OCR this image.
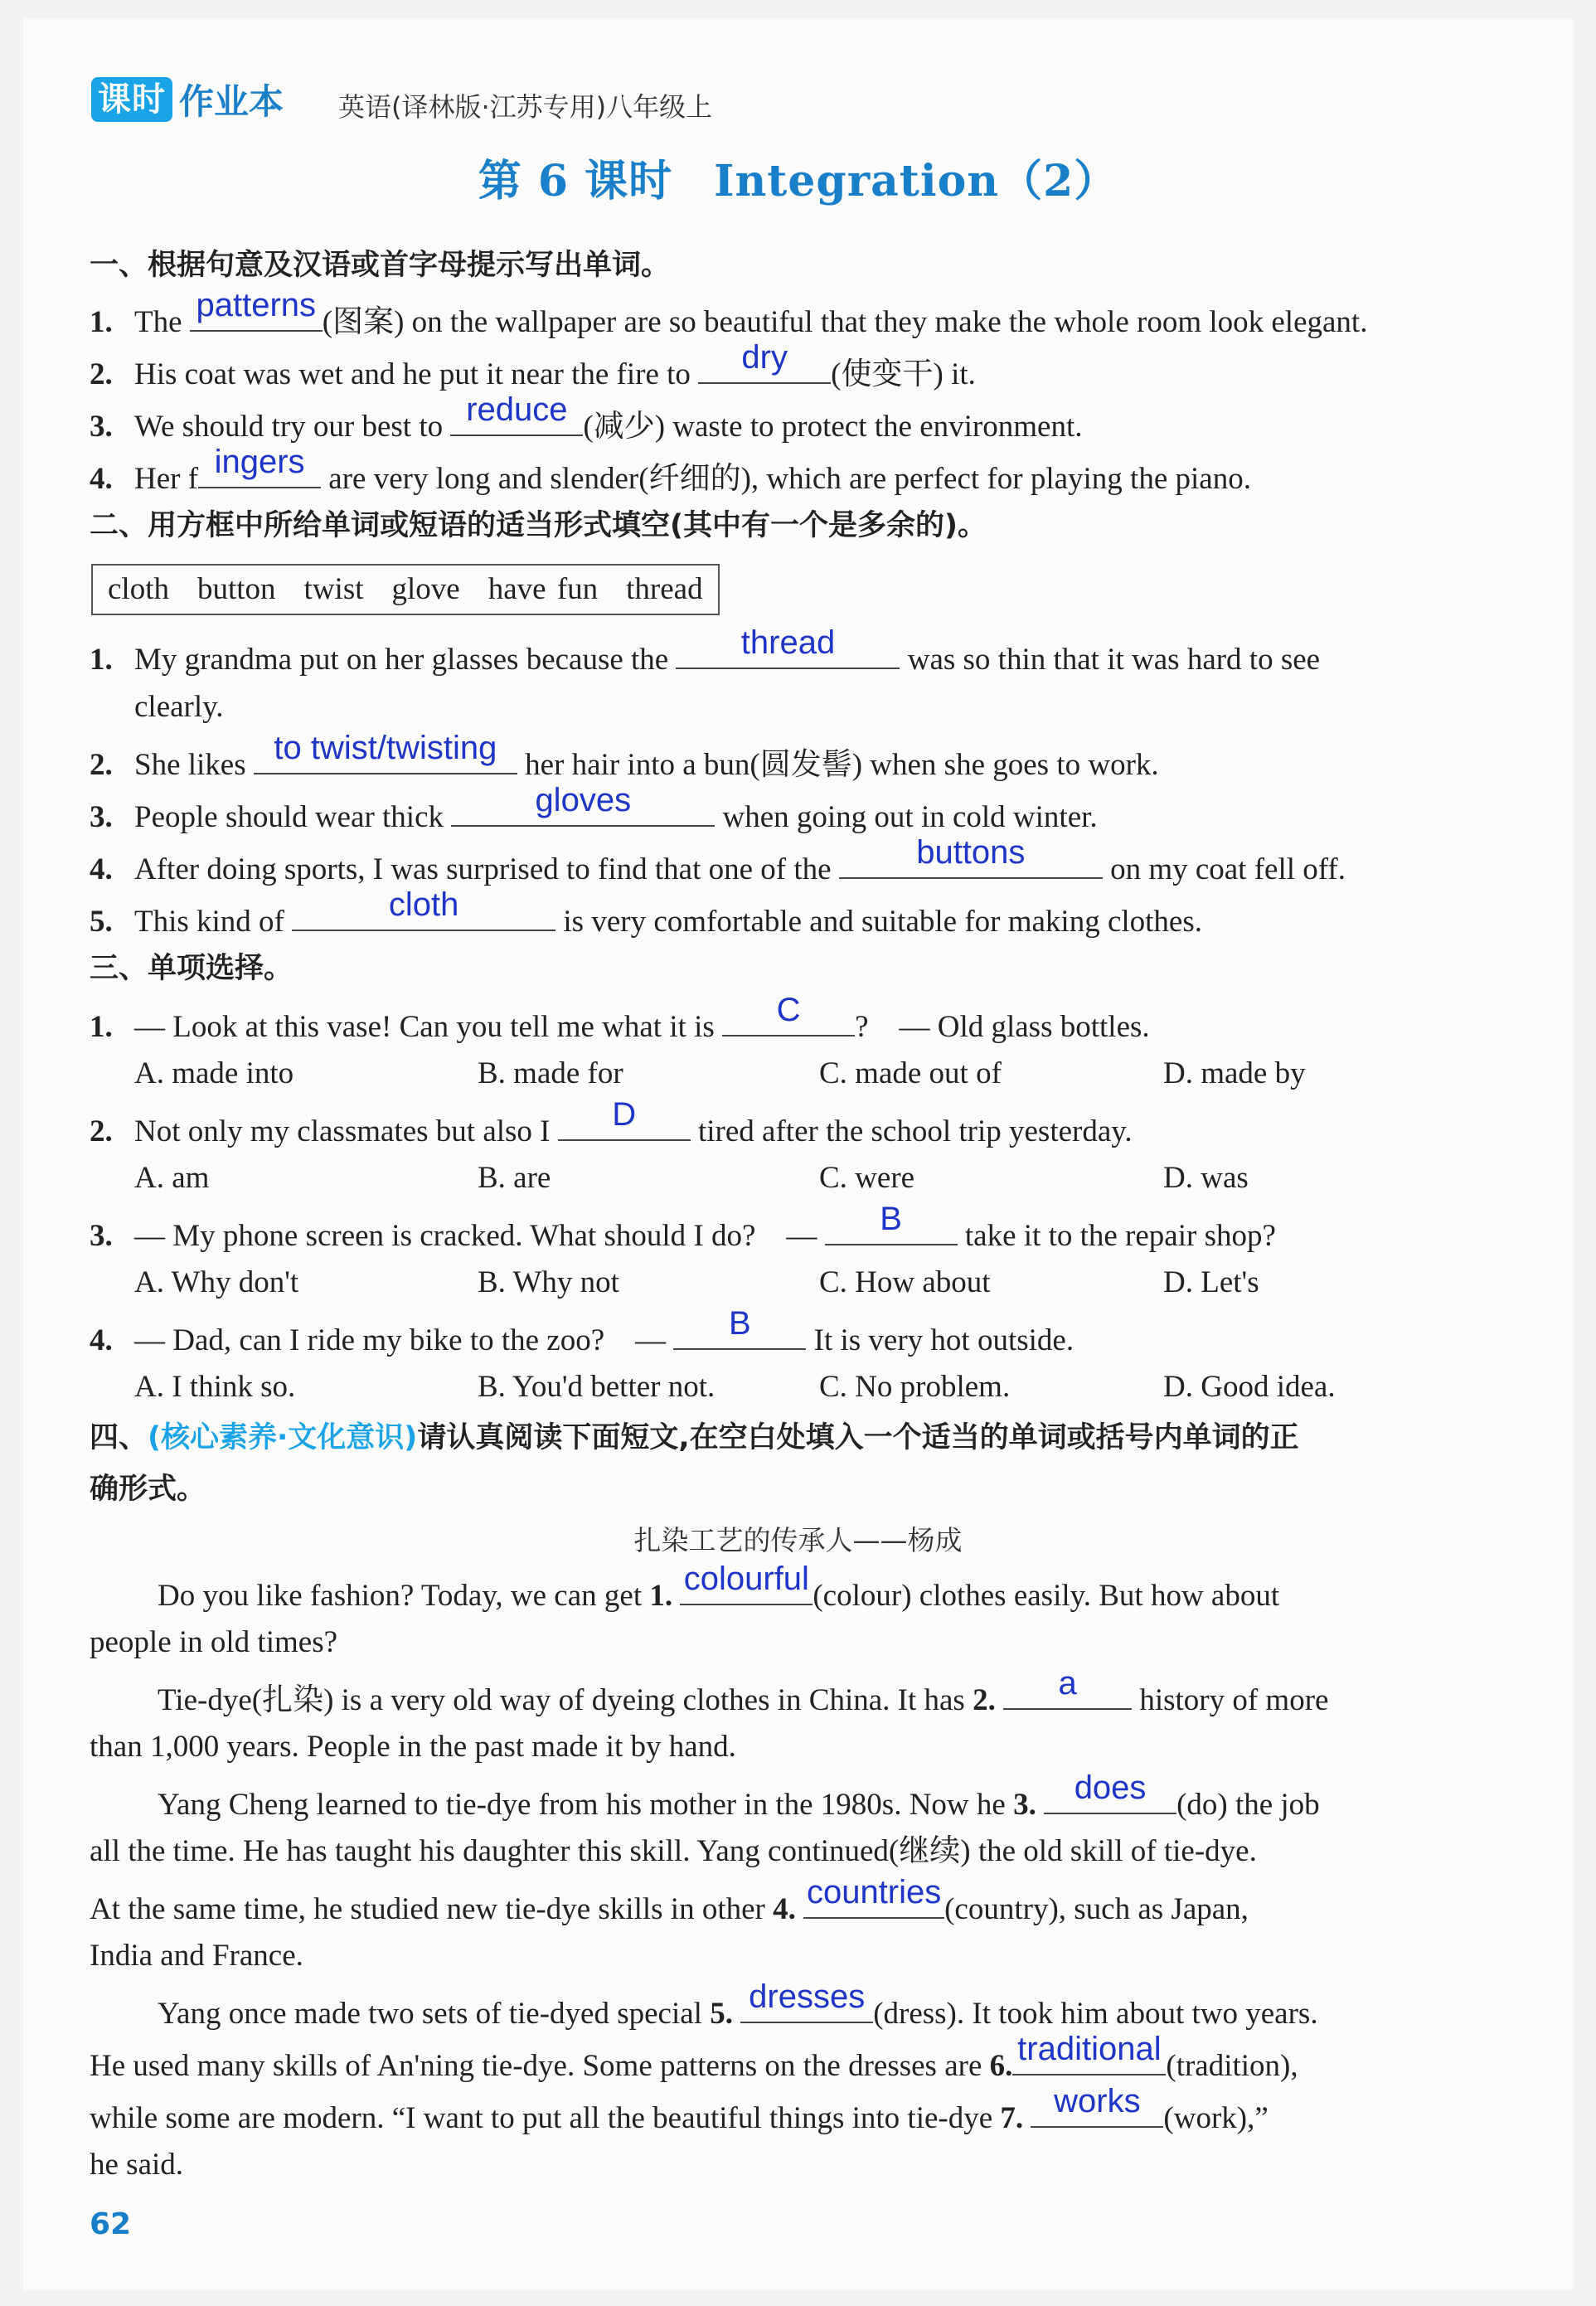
课时 作业本 英语(译林版·江苏专用)八年级上
第 6 课时 Integration（2）
一、根据句意及汉语或首字母提示写出单词。
1. The patterns (图案) on the wallpaper are so beautiful that they make the whole room look elegant.
2. His coat was wet and he put it near the fire to	dry	(使变干) it.
3. We should try our best to reduce (减少) waste to protect the environment.
4. Her f ingers are very long and slender(纤细的), which are perfect for playing the piano.
二、用方框中所给单词或短语的适当形式填空(其中有一个是多余的)。
cloth button twist glove have fun thread
1. My grandma put on her glasses because the	thread	was so thin that it was hard to see
clearly.
2. She likes to twist/twisting her hair into a bun(圆发髻) when she goes to work.
3. People should wear thick	gloves	when going out in cold winter.
4. After doing sports, I was surprised to find that one of the	buttons	on my coat fell off.
5. This kind of	cloth	is very comfortable and suitable for making clothes.
三、单项选择。
1. — Look at this vase! Can you tell me what it is	C	?　— Old glass bottles.
A. made into	B. made for	C. made out of	D. made by
2. Not only my classmates but also I	D	tired after the school trip yesterday.
A. am	B. are	C. were	D. was
3. — My phone screen is cracked. What should I do?　—	B	take it to the repair shop?
A. Why don't	B. Why not	C. How about	D. Let's
4. — Dad, can I ride my bike to the zoo?　—	B	It is very hot outside.
A. I think so.	B. You'd better not.	C. No problem.	D. Good idea.
四、(核心素养·文化意识)请认真阅读下面短文,在空白处填入一个适当的单词或括号内单词的正
确形式。
扎染工艺的传承人——杨成
Do you like fashion? Today, we can get 1. colourful (colour) clothes easily. But how about
people in old times?
Tie-dye(扎染) is a very old way of dyeing clothes in China. It has 2.	a	history of more
than 1,000 years. People in the past made it by hand.
Yang Cheng learned to tie-dye from his mother in the 1980s. Now he 3.	does (do) the job
all the time. He has taught his daughter this skill. Yang continued(继续) the old skill of tie-dye.
At the same time, he studied new tie-dye skills in other 4. countries (country), such as Japan,
India and France.
Yang once made two sets of tie-dyed special 5. dresses (dress). It took him about two years.
He used many skills of An'ning tie-dye. Some patterns on the dresses are 6. traditional (tradition),
while some are modern. “I want to put all the beautiful things into tie-dye 7. works (work),”
he said.
62
